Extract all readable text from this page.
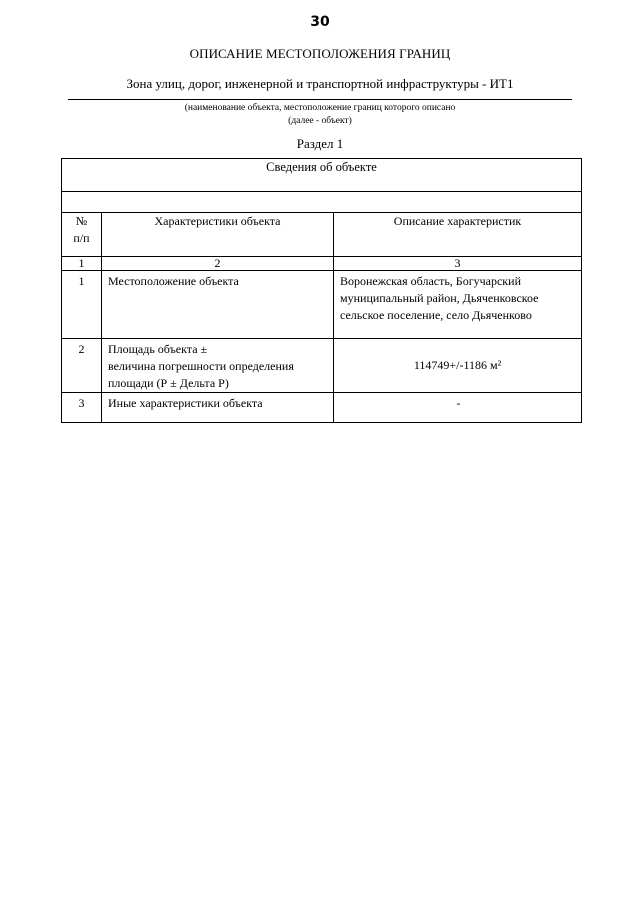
30
ОПИСАНИЕ МЕСТОПОЛОЖЕНИЯ ГРАНИЦ
Зона улиц, дорог, инженерной и транспортной инфраструктуры - ИТ1
(наименование объекта, местоположение границ которого описано
(далее - объект)
Раздел 1
Сведения об объекте		

№
п/п	Характеристики объекта	Описание характеристик
1	2	3
1	Местоположение объекта	Воронежская область, Богучарский муниципальный район, Дьяченковское сельское поселение, село Дьяченково
2	Площадь объекта ±
величина погрешности определения
площади (Р ± Дельта Р)	114749+/-1186 м²
3	Иные характеристики объекта	-
